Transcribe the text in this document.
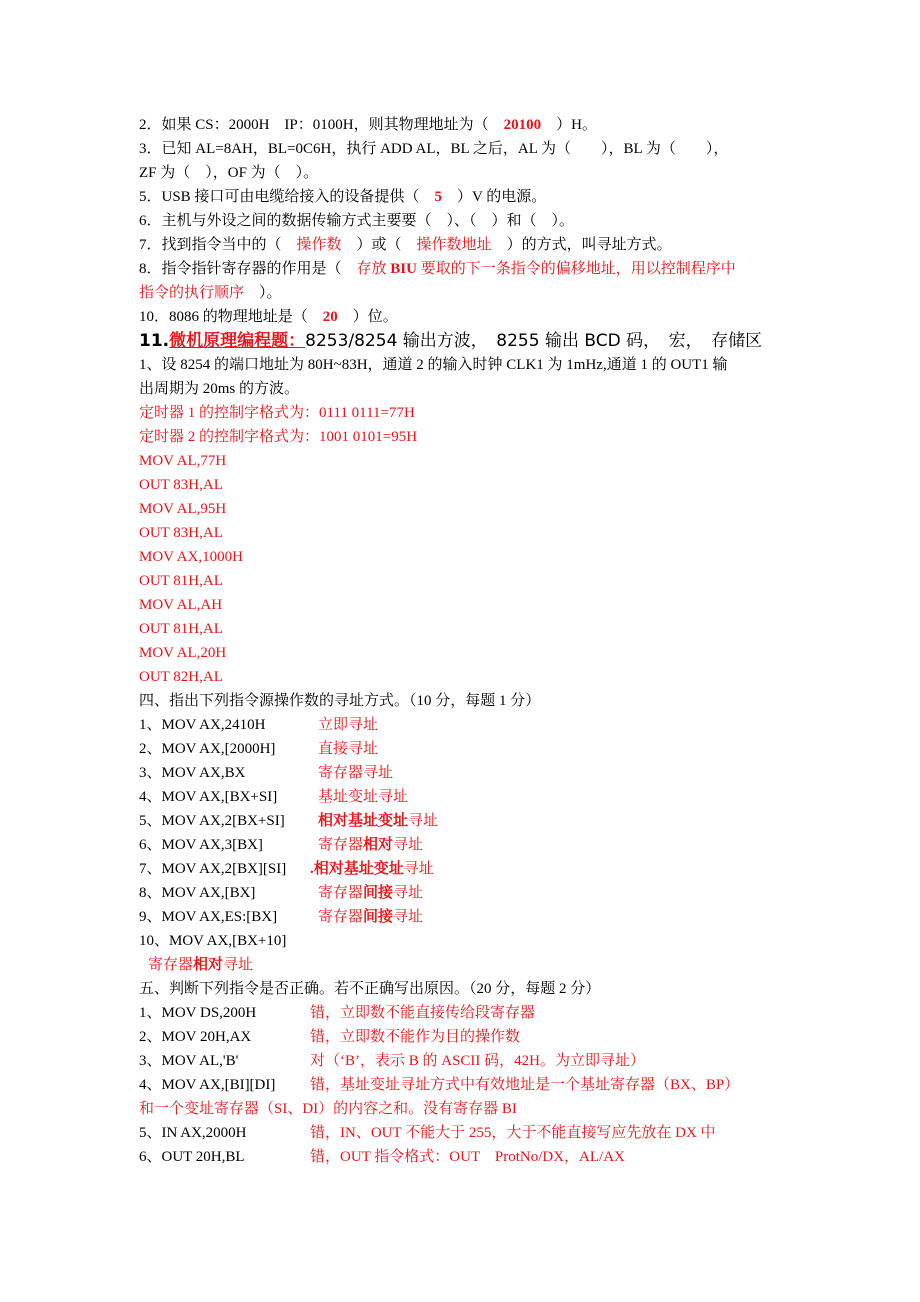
2．如果 CS：2000H　IP：0100H，则其物理地址为（　20100　）H。
3．已知 AL=8AH，BL=0C6H，执行 ADD AL，BL 之后，AL 为（　　），BL 为（　　），
ZF 为（　），OF 为（　）。
5．USB 接口可由电缆给接入的设备提供（　5　）V 的电源。
6．主机与外设之间的数据传输方式主要要（　）、（　）和（　）。
7．找到指令当中的（　操作数　）或（　操作数地址　）的方式，叫寻址方式。
8．指令指针寄存器的作用是（　存放 BIU 要取的下一条指令的偏移地址，用以控制程序中
指令的执行顺序　）。
10．8086 的物理地址是（　20　）位。
11.微机原理编程题：8253/8254 输出方波，　8255 输出 BCD 码，　宏，　存储区
1、设 8254 的端口地址为 80H~83H，通道 2 的输入时钟 CLK1 为 1mHz,通道 1 的 OUT1 输
出周期为 20ms 的方波。
定时器 1 的控制字格式为：0111 0111=77H
定时器 2 的控制字格式为：1001 0101=95H
MOV AL,77H
OUT 83H,AL
MOV AL,95H
OUT 83H,AL
MOV AX,1000H
OUT 81H,AL
MOV AL,AH
OUT 81H,AL
MOV AL,20H
OUT 82H,AL
四、指出下列指令源操作数的寻址方式。（10 分，每题 1 分）
1、MOV AX,2410H	立即寻址
2、MOV AX,[2000H]	直接寻址
3、MOV AX,BX	寄存器寻址
4、MOV AX,[BX+SI]	基址变址寻址
5、MOV AX,2[BX+SI] 相对基址变址寻址
6、MOV AX,3[BX]	寄存器相对寻址
7、MOV AX,2[BX][SI] .相对基址变址寻址
8、MOV AX,[BX]	寄存器间接寻址
9、MOV AX,ES:[BX]	寄存器间接寻址
10、MOV AX,[BX+10]
寄存器相对寻址
五、判断下列指令是否正确。若不正确写出原因。（20 分，每题 2 分）
1、MOV DS,200H	错，立即数不能直接传给段寄存器
2、MOV 20H,AX	错，立即数不能作为目的操作数
3、MOV AL,'B'	对（‘B’，表示 B 的 ASCII 码，42H。为立即寻址）
4、MOV AX,[BI][DI] 错，基址变址寻址方式中有效地址是一个基址寄存器（BX、BP）
和一个变址寄存器（SI、DI）的内容之和。没有寄存器 BI
5、IN AX,2000H	错，IN、OUT 不能大于 255，大于不能直接写应先放在 DX 中
6、OUT 20H,BL	错，OUT 指令格式：OUT　ProtNo/DX，AL/AX
